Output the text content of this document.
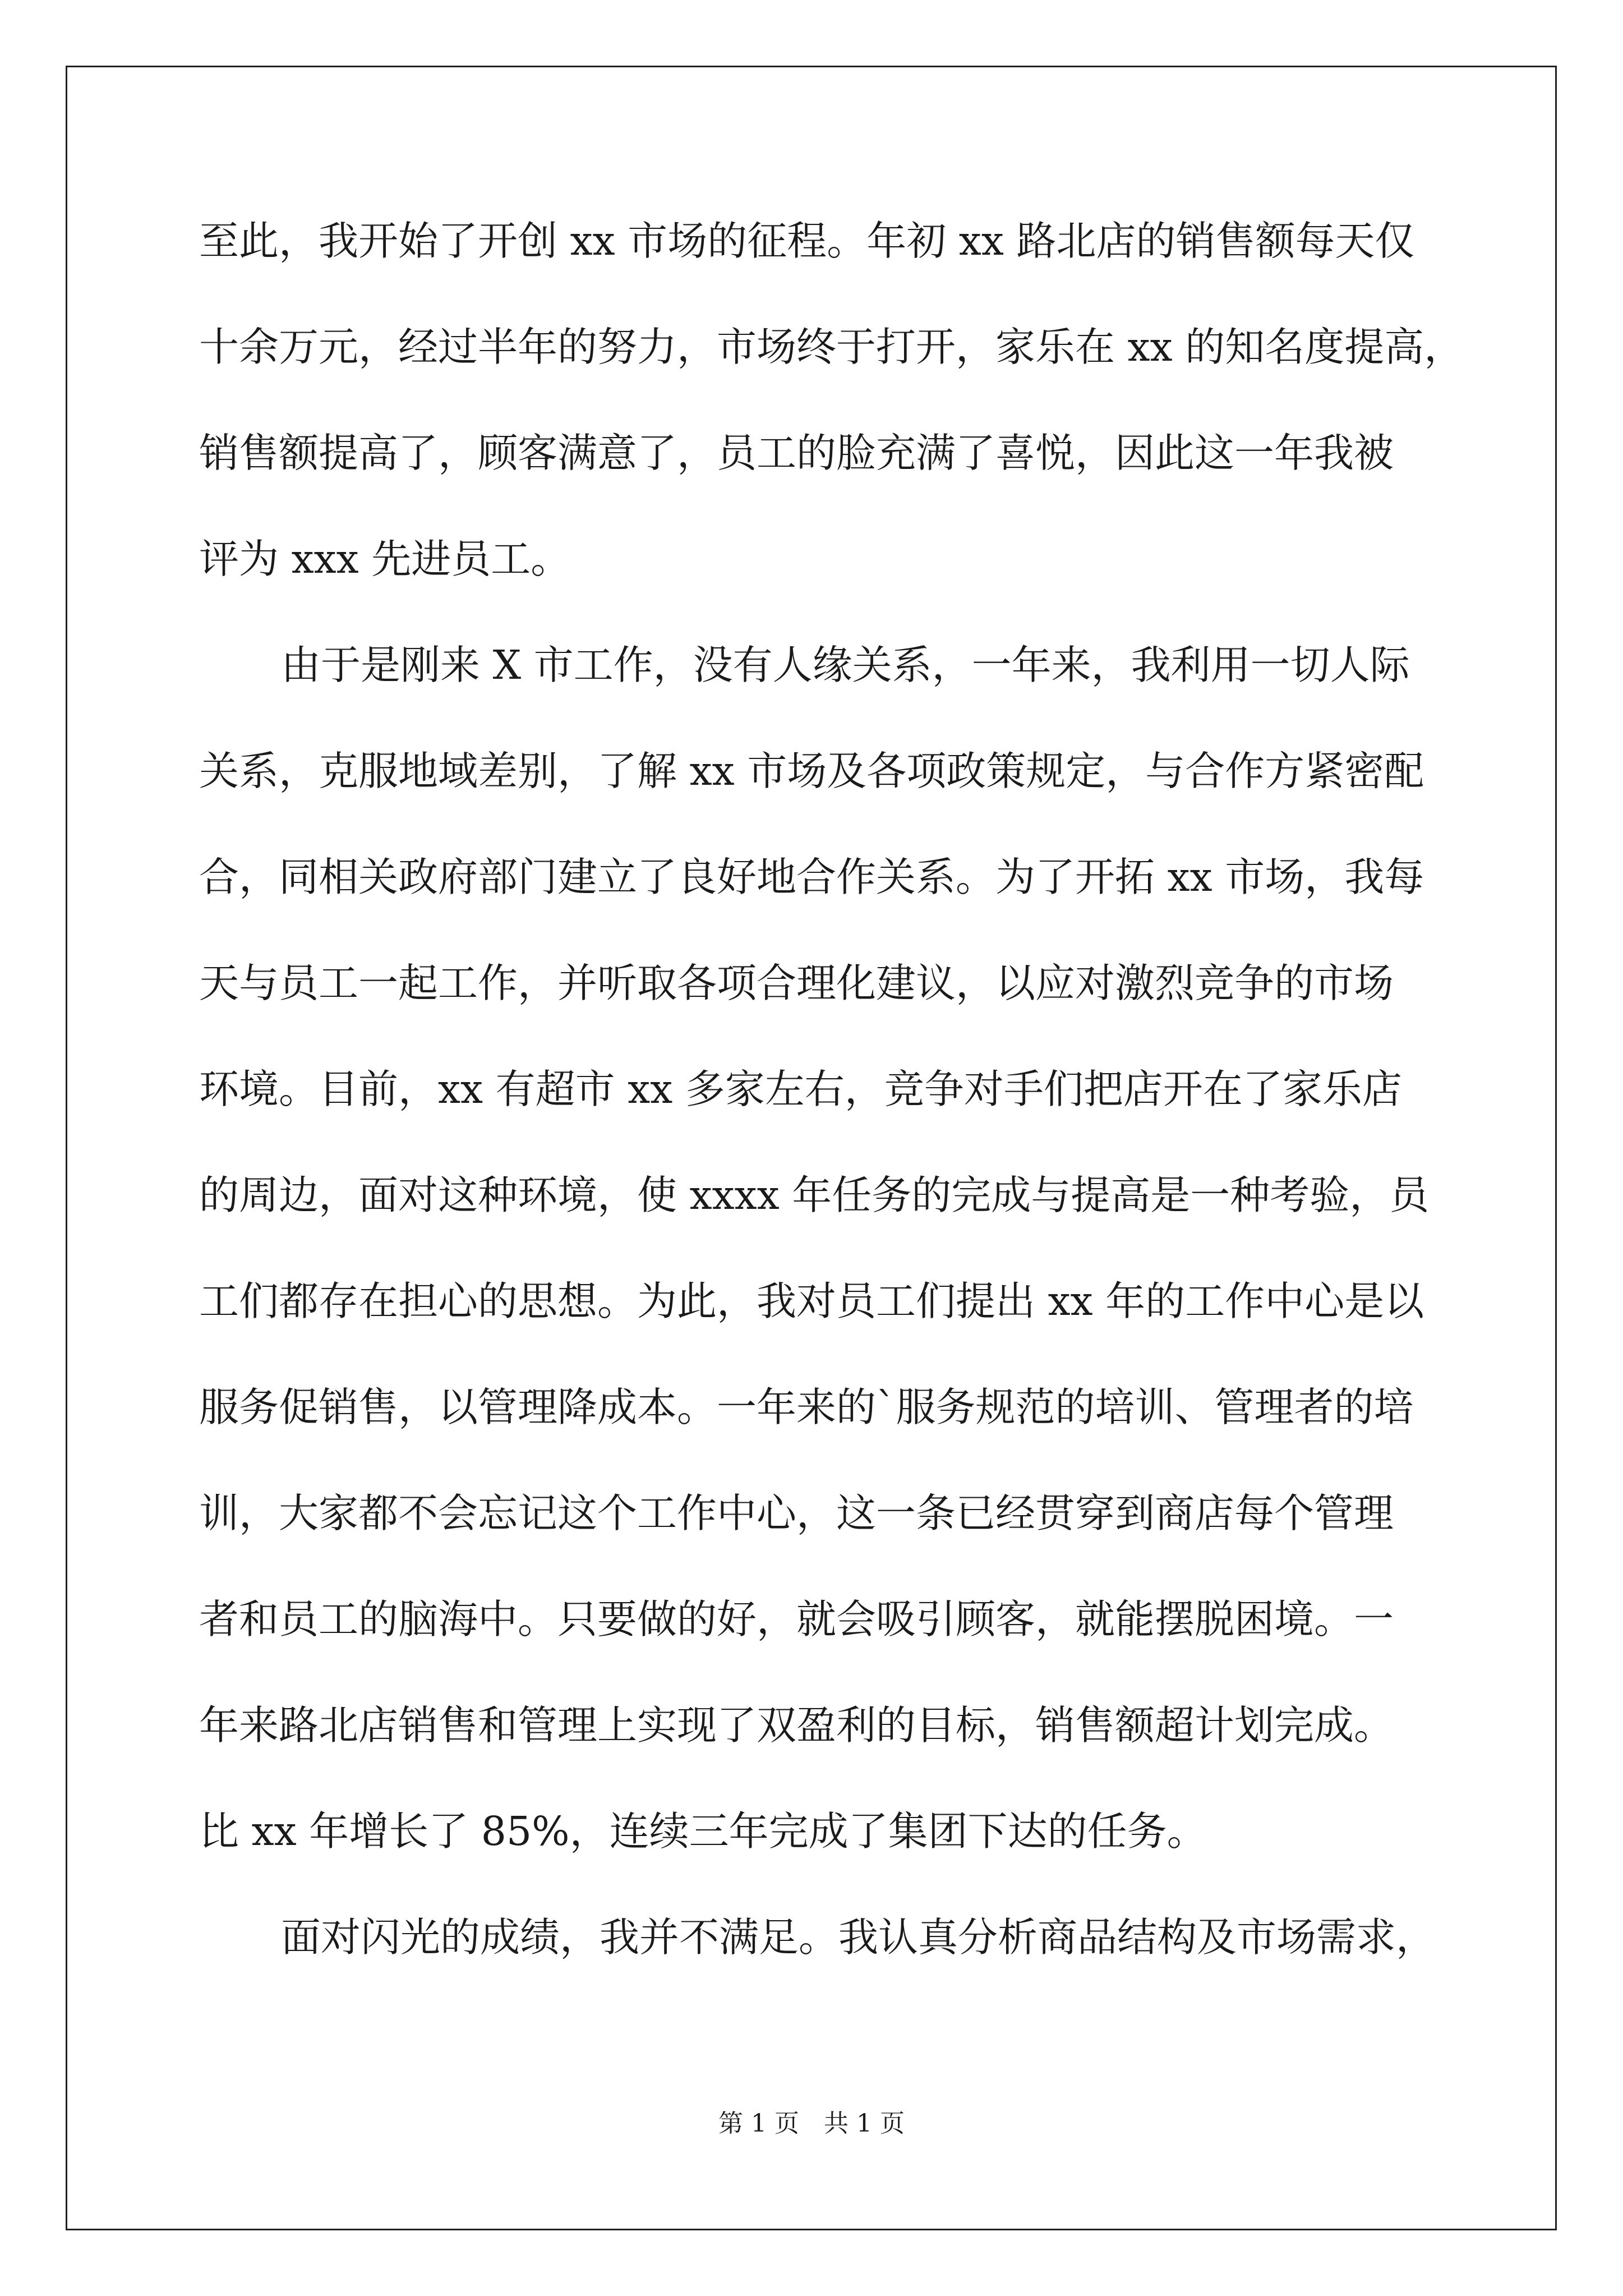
至此，我开始了开创 xx 市场的征程。年初 xx 路北店的销售额每天仅
十余万元，经过半年的努力，市场终于打开，家乐在 xx 的知名度提高，
销售额提高了，顾客满意了，员工的脸充满了喜悦，因此这一年我被
评为 xxx 先进员工。
由于是刚来 X 市工作，没有人缘关系，一年来，我利用一切人际
关系，克服地域差别，了解 xx 市场及各项政策规定，与合作方紧密配
合，同相关政府部门建立了良好地合作关系。为了开拓 xx 市场，我每
天与员工一起工作，并听取各项合理化建议，以应对激烈竞争的市场
环境。目前，xx 有超市 xx 多家左右，竞争对手们把店开在了家乐店
的周边，面对这种环境，使 xxxx 年任务的完成与提高是一种考验，员
工们都存在担心的思想。为此，我对员工们提出 xx 年的工作中心是以
服务促销售，以管理降成本。一年来的`服务规范的培训、管理者的培
训，大家都不会忘记这个工作中心，这一条已经贯穿到商店每个管理
者和员工的脑海中。只要做的好，就会吸引顾客，就能摆脱困境。一
年来路北店销售和管理上实现了双盈利的目标，销售额超计划完成。
比 xx 年增长了 85%，连续三年完成了集团下达的任务。
面对闪光的成绩，我并不满足。我认真分析商品结构及市场需求，
第 1 页　共 1 页
